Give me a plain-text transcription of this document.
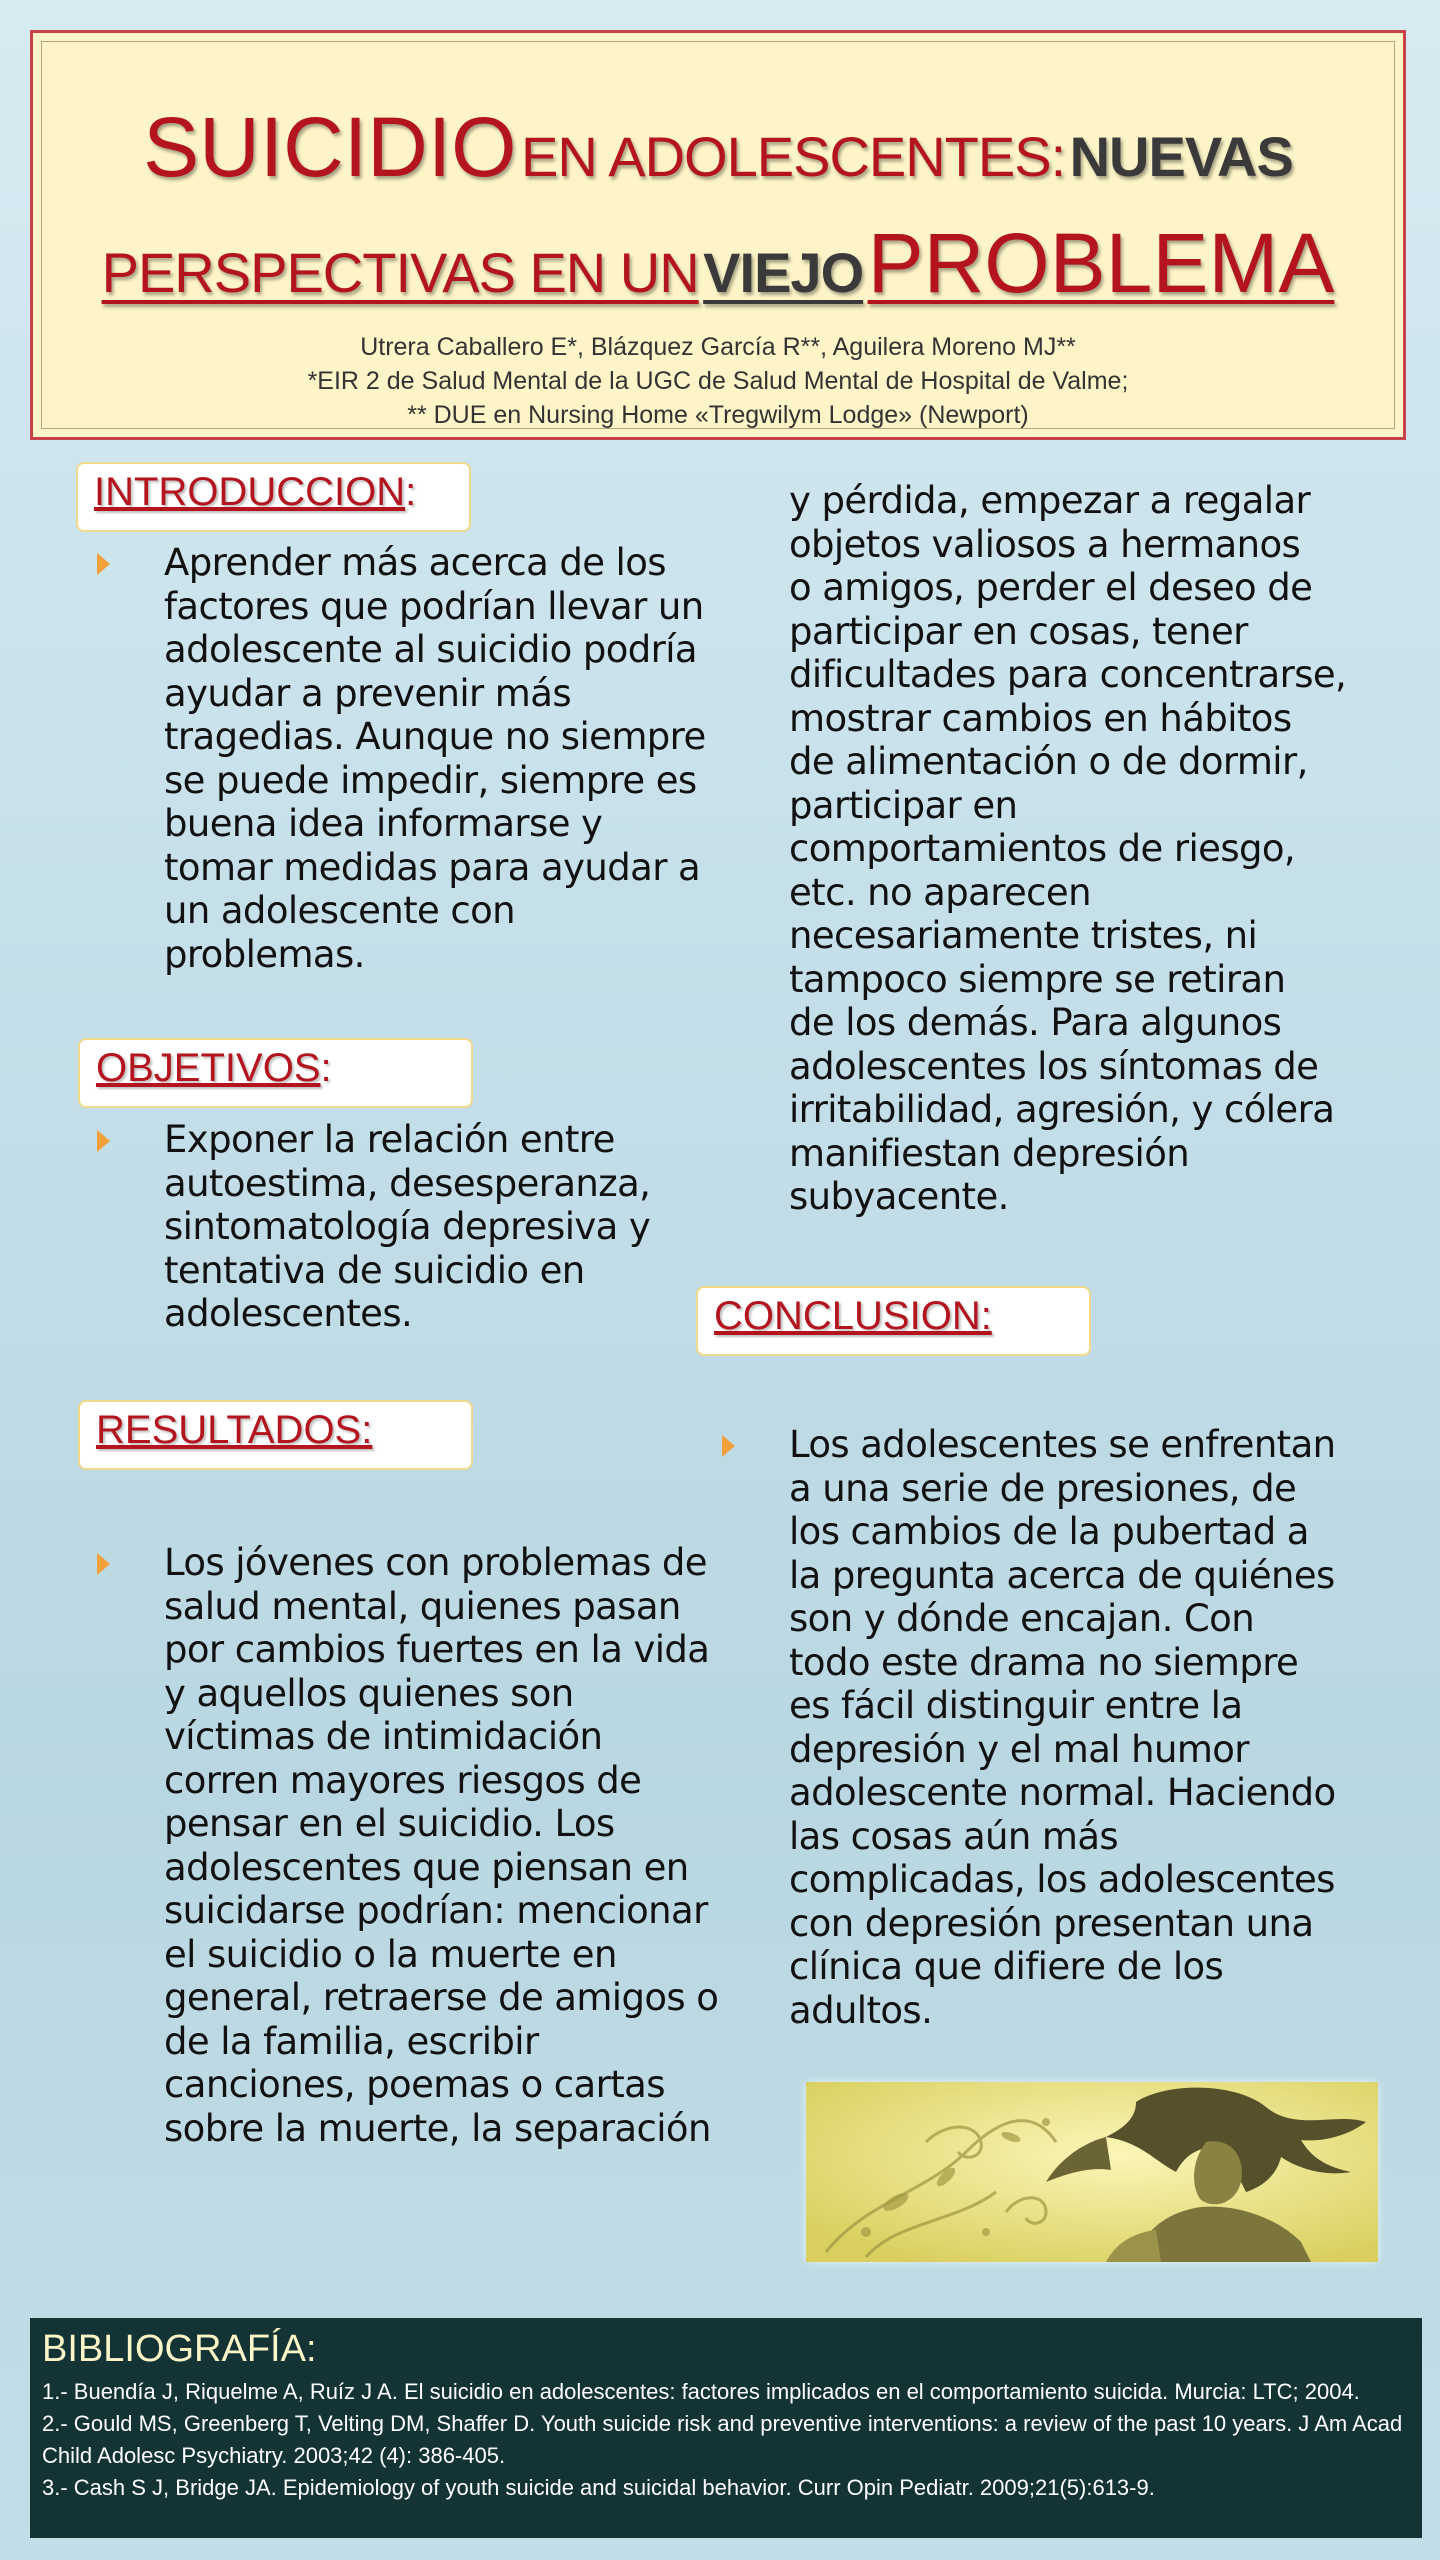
SUICIDIO EN ADOLESCENTES: NUEVAS
PERSPECTIVAS EN UN VIEJO PROBLEMA
Utrera Caballero E*, Blázquez García R**, Aguilera Moreno MJ**
*EIR 2 de Salud Mental de la UGC de Salud Mental de Hospital de Valme;
** DUE en Nursing Home «Tregwilym Lodge» (Newport)
INTRODUCCION:
Aprender más acerca de los
factores que podrían llevar un
adolescente al suicidio podría
ayudar a prevenir más
tragedias. Aunque no siempre
se puede impedir, siempre es
buena idea informarse y
tomar medidas para ayudar a
un adolescente con
problemas.
OBJETIVOS:
Exponer la relación entre
autoestima, desesperanza,
sintomatología depresiva y
tentativa de suicidio en
adolescentes.
RESULTADOS:
Los jóvenes con problemas de
salud mental, quienes pasan
por cambios fuertes en la vida
y aquellos quienes son
víctimas de intimidación
corren mayores riesgos de
pensar en el suicidio. Los
adolescentes que piensan en
suicidarse podrían: mencionar
el suicidio o la muerte en
general, retraerse de amigos o
de la familia, escribir
canciones, poemas o cartas
sobre la muerte, la separación
y pérdida, empezar a regalar
objetos valiosos a hermanos
o amigos, perder el deseo de
participar en cosas, tener
dificultades para concentrarse,
mostrar cambios en hábitos
de alimentación o de dormir,
participar en
comportamientos de riesgo,
etc. no aparecen
necesariamente tristes, ni
tampoco siempre se retiran
de los demás. Para algunos
adolescentes los síntomas de
irritabilidad, agresión, y cólera
manifiestan depresión
subyacente.
CONCLUSION:
Los adolescentes se enfrentan
a una serie de presiones, de
los cambios de la pubertad a
la pregunta acerca de quiénes
son y dónde encajan. Con
todo este drama no siempre
es fácil distinguir entre la
depresión y el mal humor
adolescente normal. Haciendo
las cosas aún más
complicadas, los adolescentes
con depresión presentan una
clínica que difiere de los
adultos.
BIBLIOGRAFÍA:
1.- Buendía J, Riquelme A, Ruíz J A. El suicidio en adolescentes: factores implicados en el comportamiento suicida. Murcia: LTC; 2004.
2.- Gould MS, Greenberg T, Velting DM, Shaffer D. Youth suicide risk and preventive interventions: a review of the past 10 years. J Am Acad Child Adolesc Psychiatry. 2003;42 (4): 386-405.
3.- Cash S J, Bridge JA. Epidemiology of youth suicide and suicidal behavior. Curr Opin Pediatr. 2009;21(5):613-9.
